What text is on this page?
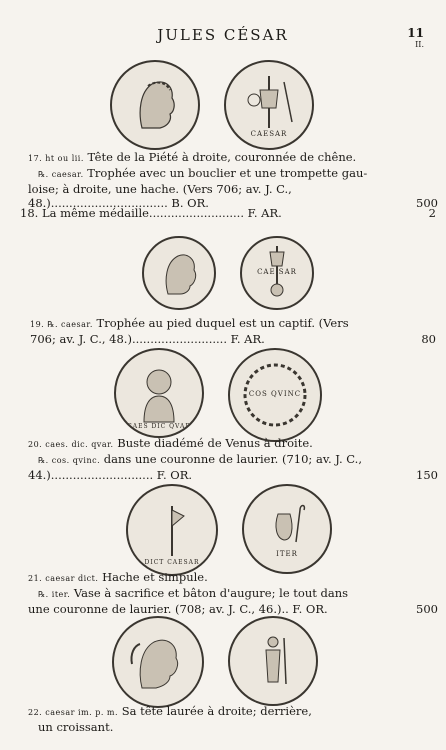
JULES CÉSAR	11
II.
CAESAR
17. ht ou lii. Tête de la Piété à droite, couronnée de chêne.
℞. caesar. Trophée avec un bouclier et une trompette gau-
loise; à droite, une hache. (Vers 706; av. J. C.,
48.)................................ B. OR.	500
18. La même médaille.......................... F. AR.	2
CAE SAR
19. ℞. caesar. Trophée au pied duquel est un captif. (Vers
706; av. J. C., 48.).......................... F. AR.	80
CAES DIC QVAR
COS QVINC
20. caes. dic. qvar. Buste diadémé de Venus à droite.
℞. cos. qvinc. dans une couronne de laurier. (710; av. J. C.,
44.)............................ F. OR.	150
DICT CAESAR
ITER
21. caesar dict. Hache et simpule.
℞. iter. Vase à sacrifice et bâton d'augure; le tout dans
une couronne de laurier. (708; av. J. C., 46.).. F. OR.	500
22. caesar im. p. m. Sa tête laurée à droite; derrière,
un croissant.
